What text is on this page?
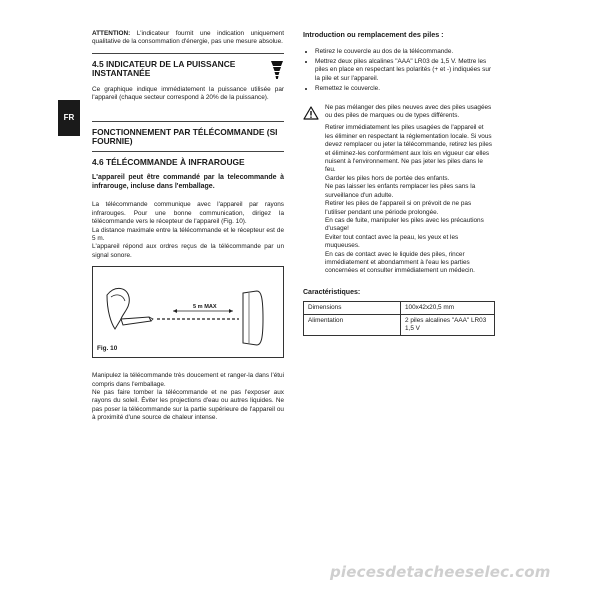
FR

ATTENTION: L'indicateur fournit une indication uniquement qualitative de la consommation d'énergie, pas une mesure absolue.

4.5 INDICATEUR DE LA PUISSANCE INSTANTANÉE

Ce graphique indique immédiatement la puissance utilisée par l'appareil (chaque secteur correspond à 20% de la puissance).

FONCTIONNEMENT PAR TÉLÉCOMMANDE (SI FOURNIE)
4.6 TÉLÉCOMMANDE À INFRAROUGE

L'appareil peut être commandé par la telecommande à infrarouge, incluse dans l'emballage.

La télécommande communique avec l'appareil par rayons infrarouges. Pour une bonne communication, dirigez la télécommande vers le récepteur de l'appareil (Fig. 10).

La distance maximale entre la télécommande et le récepteur est de 5 m.

L'appareil répond aux ordres reçus de la télécommande par un signal sonore.

5 m MAX
Fig. 10

Manipulez la télécommande très doucement et ranger-la dans l'étui compris dans l'emballage.

Ne pas faire tomber la télécommande et ne pas l'exposer aux rayons du soleil. Éviter les projections d'eau ou autres liquides. Ne pas poser la télécommande sur la partie supérieure de l'appareil ou à proximité d'une source de chaleur intense.

Introduction ou remplacement des piles :
• Retirez le couvercle au dos de la télécommande.
• Mettrez deux piles alcalines "AAA" LR03 de 1,5 V. Mettre les piles en place en respectant les polarités (+ et -) indiquées sur la pile et sur l'appareil.
• Remettez le couvercle.

Ne pas mélanger des piles neuves avec des piles usagées ou des piles de marques ou de types différents.

Retirer immédiatement les piles usagées de l'appareil et les éliminer en respectant la réglementation locale. Si vous devez remplacer ou jeter la télécommande, retirez les piles et éliminez-les conformément aux lois en vigueur car elles nuisent à l'environnement. Ne pas jeter les piles dans le feu.

Garder les piles hors de portée des enfants.

Ne pas laisser les enfants remplacer les piles sans la surveillance d'un adulte.

Retirer les piles de l'appareil si on prévoit de ne pas l'utiliser pendant une période prolongée.

En cas de fuite, manipuler les piles avec les précautions d'usage!

Eviter tout contact avec la peau, les yeux et les muqueuses.

En cas de contact avec le liquide des piles, rincer immédiatement et abondamment à l'eau les parties concernées et consulter immédiatement un médecin.

Caractéristiques:
Dimensions	100x42x20,5 mm
Alimentation	2 piles alcalines "AAA" LR03 1,5 V
piecesdetacheeselec.com
